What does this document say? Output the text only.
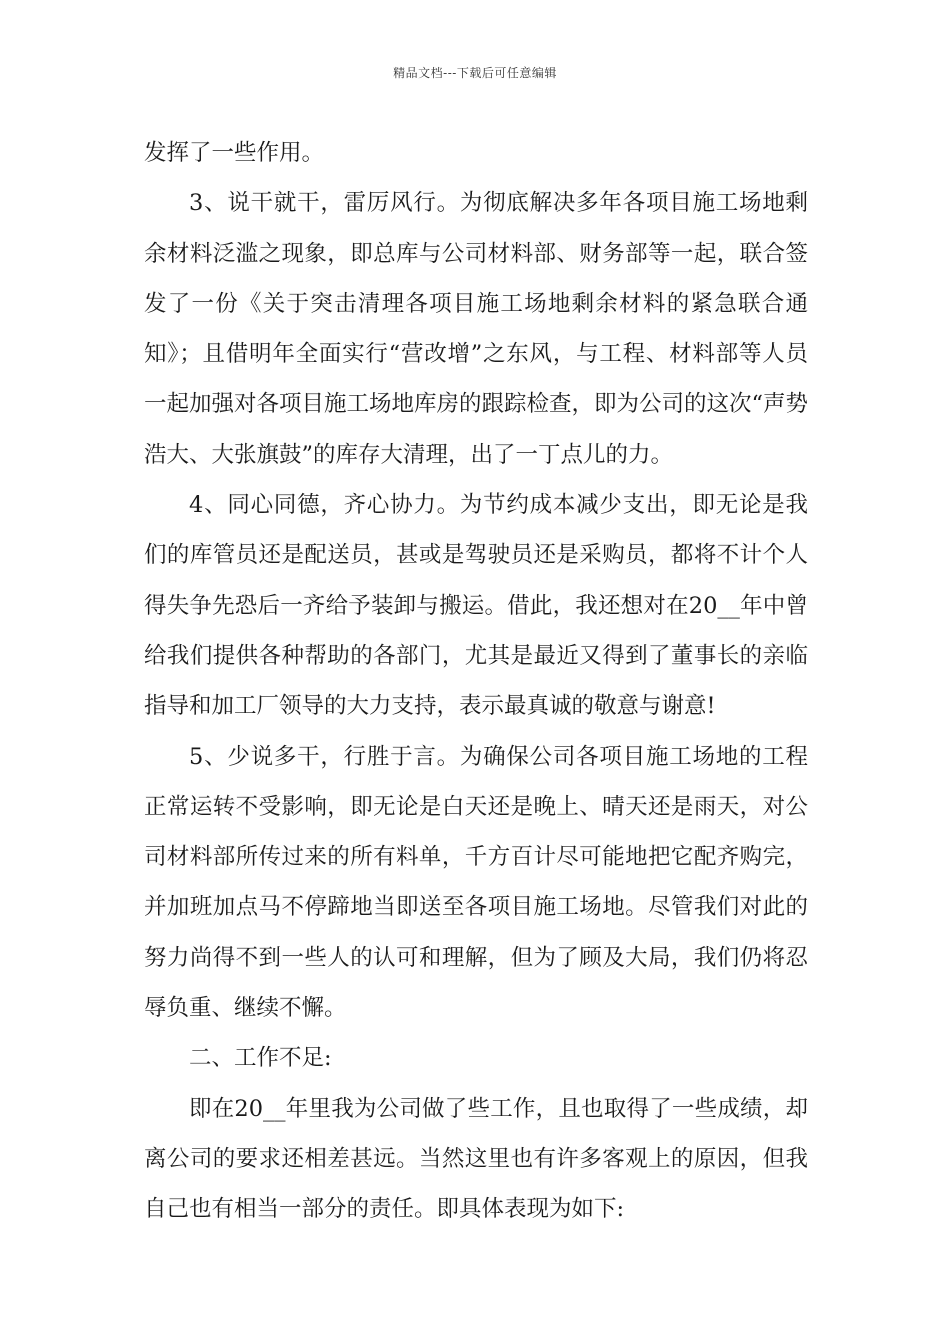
精品文档---下载后可任意编辑

发挥了一些作用。

3、说干就干，雷厉风行。为彻底解决多年各项目施工场地剩余材料泛滥之现象，即总库与公司材料部、财务部等一起，联合签发了一份《关于突击清理各项目施工场地剩余材料的紧急联合通知》；且借明年全面实行“营改增”之东风，与工程、材料部等人员一起加强对各项目施工场地库房的跟踪检查，即为公司的这次“声势浩大、大张旗鼓”的库存大清理，出了一丁点儿的力。

4、同心同德，齐心协力。为节约成本减少支出，即无论是我们的库管员还是配送员，甚或是驾驶员还是采购员，都将不计个人得失争先恐后一齐给予装卸与搬运。借此，我还想对在20__年中曾给我们提供各种帮助的各部门，尤其是最近又得到了董事长的亲临指导和加工厂领导的大力支持，表示最真诚的敬意与谢意!

5、少说多干，行胜于言。为确保公司各项目施工场地的工程正常运转不受影响，即无论是白天还是晚上、晴天还是雨天，对公司材料部所传过来的所有料单，千方百计尽可能地把它配齐购完，并加班加点马不停蹄地当即送至各项目施工场地。尽管我们对此的努力尚得不到一些人的认可和理解，但为了顾及大局，我们仍将忍辱负重、继续不懈。

二、工作不足:

即在20__年里我为公司做了些工作，且也取得了一些成绩，却离公司的要求还相差甚远。当然这里也有许多客观上的原因，但我自己也有相当一部分的责任。即具体表现为如下:
